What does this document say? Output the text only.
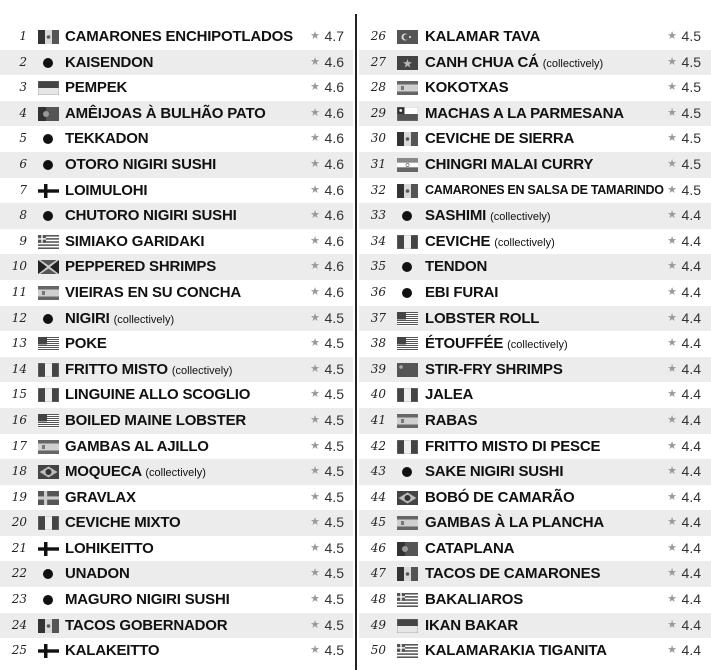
1	CAMARONES ENCHIPOTLADOS ★ 4.7
2	KAISENDON	★ 4.6
3	PEMPEK	★ 4.6
4	AMÊIJOAS À BULHÃO PATO	★ 4.6
5	TEKKADON	★ 4.6
6	OTORO NIGIRI SUSHI	★ 4.6
7	LOIMULOHI	★ 4.6
8	CHUTORO NIGIRI SUSHI	★ 4.6
9	SIMIAKO GARIDAKI	★ 4.6
10	PEPPERED SHRIMPS	★ 4.6
11	VIEIRAS EN SU CONCHA	★ 4.6
12	NIGIRI (collectively)	★ 4.5
13	POKE	★ 4.5
14	FRITTO MISTO (collectively)	★ 4.5
15	LINGUINE ALLO SCOGLIO	★ 4.5
16	BOILED MAINE LOBSTER	★ 4.5
17	GAMBAS AL AJILLO	★ 4.5
18	MOQUECA (collectively)	★ 4.5
19	GRAVLAX	★ 4.5
20	CEVICHE MIXTO	★ 4.5
21	LOHIKEITTO	★ 4.5
22	UNADON	★ 4.5
23	MAGURO NIGIRI SUSHI	★ 4.5
24	TACOS GOBERNADOR	★ 4.5
25	KALAKEITTO	★ 4.5
26	KALAMAR TAVA	★ 4.5
27	CANH CHUA CÁ (collectively)	★ 4.5
28	KOKOTXAS	★ 4.5
29	MACHAS A LA PARMESANA	★ 4.5
30	CEVICHE DE SIERRA	★ 4.5
31	CHINGRI MALAI CURRY	★ 4.5
32	CAMARONES EN SALSA DE TAMARINDO ★ 4.5
33	SASHIMI (collectively)	★ 4.4
34	CEVICHE (collectively)	★ 4.4
35	TENDON	★ 4.4
36	EBI FURAI	★ 4.4
37	LOBSTER ROLL	★ 4.4
38	ÉTOUFFÉE (collectively)	★ 4.4
39	STIR-FRY SHRIMPS	★ 4.4
40	JALEA	★ 4.4
41	RABAS	★ 4.4
42	FRITTO MISTO DI PESCE	★ 4.4
43	SAKE NIGIRI SUSHI	★ 4.4
44	BOBÓ DE CAMARÃO	★ 4.4
45	GAMBAS À LA PLANCHA	★ 4.4
46	CATAPLANA	★ 4.4
47	TACOS DE CAMARONES	★ 4.4
48	BAKALIAROS	★ 4.4
49	IKAN BAKAR	★ 4.4
50	KALAMARAKIA TIGANITA	★ 4.4
